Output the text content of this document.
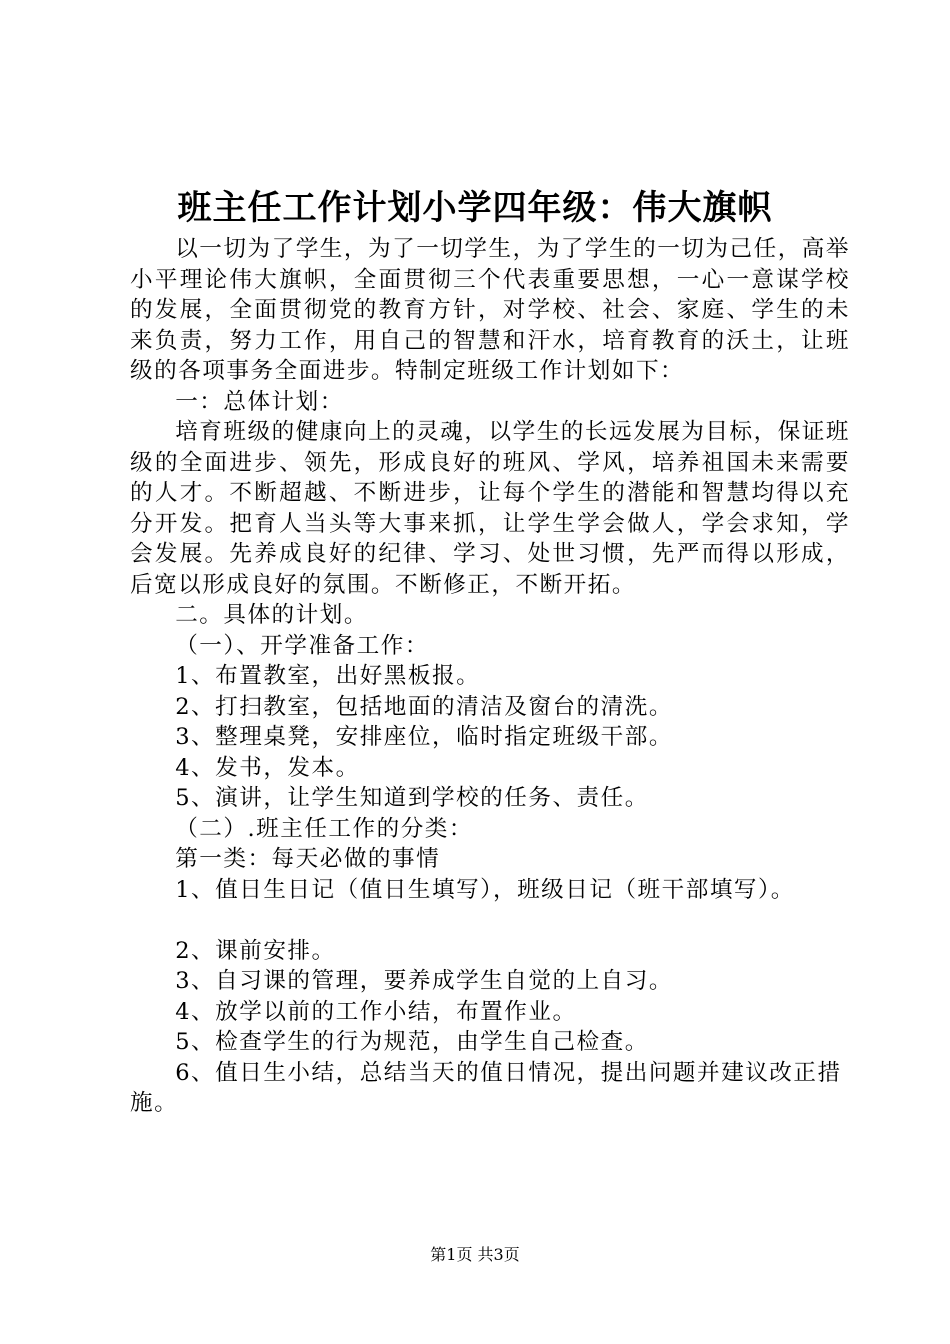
班主任工作计划小学四年级：伟大旗帜

以一切为了学生，为了一切学生，为了学生的一切为己任，高举小平理论伟大旗帜，全面贯彻三个代表重要思想，一心一意谋学校的发展，全面贯彻党的教育方针，对学校、社会、家庭、学生的未来负责，努力工作，用自己的智慧和汗水，培育教育的沃土，让班级的各项事务全面进步。特制定班级工作计划如下：

一：总体计划：

培育班级的健康向上的灵魂，以学生的长远发展为目标，保证班级的全面进步、领先，形成良好的班风、学风，培养祖国未来需要的人才。不断超越、不断进步，让每个学生的潜能和智慧均得以充分开发。把育人当头等大事来抓，让学生学会做人，学会求知，学会发展。先养成良好的纪律、学习、处世习惯，先严而得以形成，后宽以形成良好的氛围。不断修正，不断开拓。

二。具体的计划。

（一）、开学准备工作：

1、布置教室，出好黑板报。

2、打扫教室，包括地面的清洁及窗台的清洗。

3、整理桌凳，安排座位，临时指定班级干部。

4、发书，发本。

5、演讲，让学生知道到学校的任务、责任。

（二）.班主任工作的分类：

第一类：每天必做的事情

1、值日生日记（值日生填写），班级日记（班干部填写）。

2、课前安排。

3、自习课的管理，要养成学生自觉的上自习。

4、放学以前的工作小结，布置作业。

5、检查学生的行为规范，由学生自己检查。

6、值日生小结，总结当天的值日情况，提出问题并建议改正措施。

第1页 共3页
